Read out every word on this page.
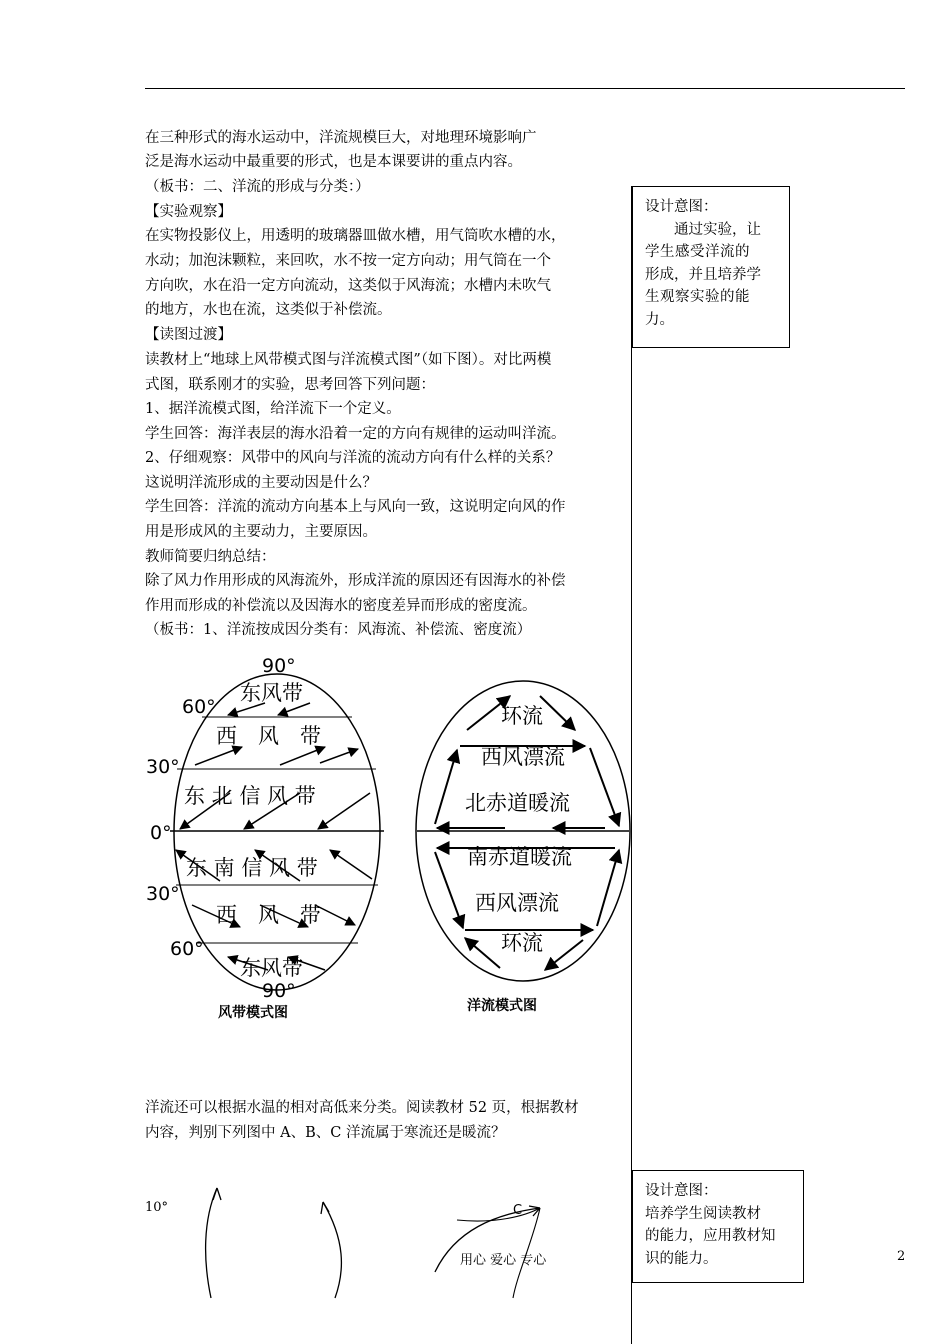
在三种形式的海水运动中，洋流规模巨大，对地理环境影响广
泛是海水运动中最重要的形式，也是本课要讲的重点内容。
（板书：二、洋流的形成与分类：）
【实验观察】
在实物投影仪上，用透明的玻璃器皿做水槽，用气筒吹水槽的水，
水动；加泡沫颗粒，来回吹，水不按一定方向动；用气筒在一个
方向吹，水在沿一定方向流动，这类似于风海流；水槽内未吹气
的地方，水也在流，这类似于补偿流。
【读图过渡】
读教材上“地球上风带模式图与洋流模式图”（如下图）。对比两模
式图，联系刚才的实验，思考回答下列问题：
1、据洋流模式图，给洋流下一个定义。
学生回答：海洋表层的海水沿着一定的方向有规律的运动叫洋流。
2、仔细观察：风带中的风向与洋流的流动方向有什么样的关系？
这说明洋流形成的主要动因是什么？
学生回答：洋流的流动方向基本上与风向一致，这说明定向风的作
用是形成风的主要动力，主要原因。
教师简要归纳总结：
除了风力作用形成的风海流外，形成洋流的原因还有因海水的补偿
作用而形成的补偿流以及因海水的密度差异而形成的密度流。
（板书：1、洋流按成因分类有：风海流、补偿流、密度流）

设计意图：

　　通过实验，让

学生感受洋流的

形成，并且培养学

生观察实验的能

力。

90°
60°
30°
0°
30°
60°
90°
东风带
西　风　带
东 北 信 风 带
东 南 信 风 带
西　风　带
东风带
风带模式图
环流
西风漂流
北赤道暖流
南赤道暖流
西风漂流
环流
洋流模式图
洋流还可以根据水温的相对高低来分类。阅读教材 52 页，根据教材
内容，判别下列图中 A、B、C 洋流属于寒流还是暖流？

设计意图：

培养学生阅读教材

的能力，应用教材知

识的能力。

10°	C
用心 爱心 专心	2
